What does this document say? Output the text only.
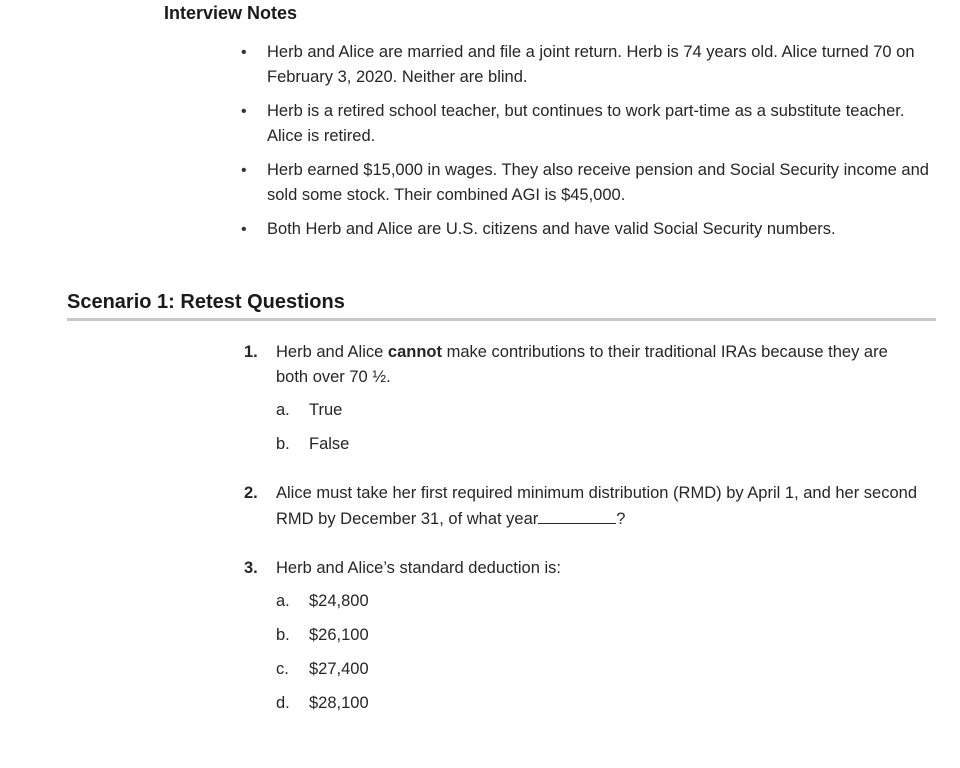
Interview Notes
• Herb and Alice are married and file a joint return. Herb is 74 years old. Alice turned 70 on February 3, 2020. Neither are blind.
• Herb is a retired school teacher, but continues to work part-time as a substitute teacher. Alice is retired.
• Herb earned $15,000 in wages. They also receive pension and Social Security income and sold some stock. Their combined AGI is $45,000.
• Both Herb and Alice are U.S. citizens and have valid Social Security numbers.
Scenario 1: Retest Questions
1. Herb and Alice cannot make contributions to their traditional IRAs because they are both over 70 ½.
a. True
b. False
2. Alice must take her first required minimum distribution (RMD) by April 1, and her second RMD by December 31, of what year	?
3. Herb and Alice’s standard deduction is:
a. $24,800
b. $26,100
c. $27,400
d. $28,100
